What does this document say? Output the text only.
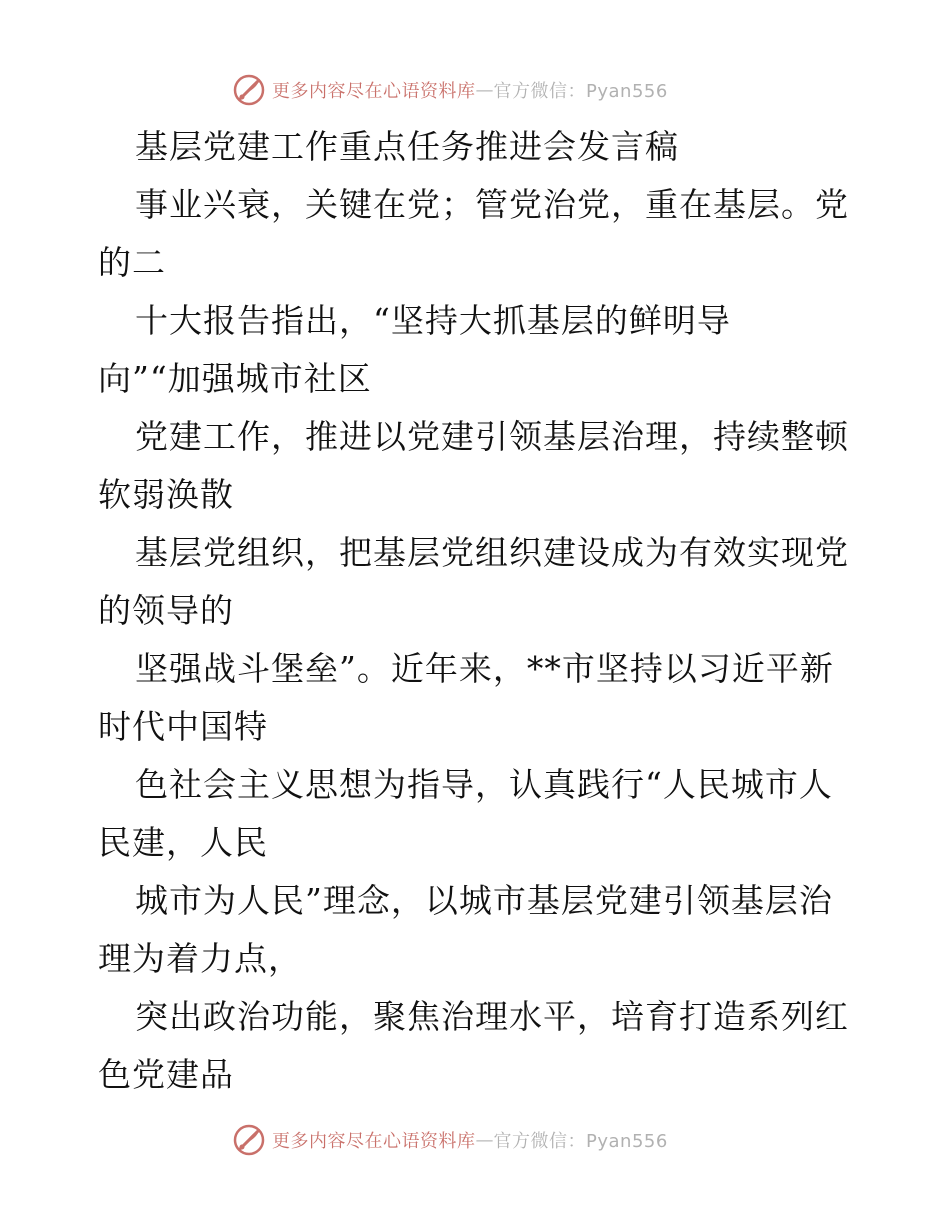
更多内容尽在心语资料库 — 官方微信：Pyan556
基层党建工作重点任务推进会发言稿
事业兴衰，关键在党；管党治党，重在基层。党
的二
十大报告指出，“坚持大抓基层的鲜明导
向”“加强城市社区
党建工作，推进以党建引领基层治理，持续整顿
软弱涣散
基层党组织，把基层党组织建设成为有效实现党
的领导的
坚强战斗堡垒”。近年来，**市坚持以习近平新
时代中国特
色社会主义思想为指导，认真践行“人民城市人
民建，人民
城市为人民”理念，以城市基层党建引领基层治
理为着力点，
突出政治功能，聚焦治理水平，培育打造系列红
色党建品
更多内容尽在心语资料库 — 官方微信：Pyan556
